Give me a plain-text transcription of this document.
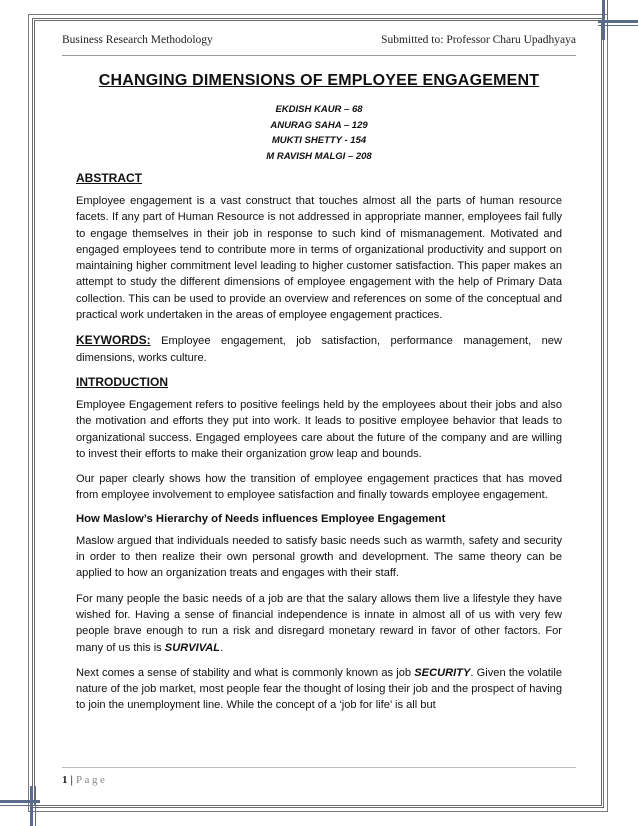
Business Research Methodology	Submitted to: Professor Charu Upadhyaya
CHANGING DIMENSIONS OF EMPLOYEE ENGAGEMENT
EKDISH KAUR – 68
ANURAG SAHA – 129
MUKTI SHETTY - 154
M RAVISH MALGI – 208
ABSTRACT

Employee engagement is a vast construct that touches almost all the parts of human resource facets. If any part of Human Resource is not addressed in appropriate manner, employees fail fully to engage themselves in their job in response to such kind of mismanagement. Motivated and engaged employees tend to contribute more in terms of organizational productivity and support on maintaining higher commitment level leading to higher customer satisfaction. This paper makes an attempt to study the different dimensions of employee engagement with the help of Primary Data collection. This can be used to provide an overview and references on some of the conceptual and practical work undertaken in the areas of employee engagement practices.

KEYWORDS: Employee engagement, job satisfaction, performance management, new dimensions, works culture.

INTRODUCTION

Employee Engagement refers to positive feelings held by the employees about their jobs and also the motivation and efforts they put into work. It leads to positive employee behavior that leads to organizational success. Engaged employees care about the future of the company and are willing to invest their efforts to make their organization grow leap and bounds.

Our paper clearly shows how the transition of employee engagement practices that has moved from employee involvement to employee satisfaction and finally towards employee engagement.

How Maslow’s Hierarchy of Needs influences Employee Engagement

Maslow argued that individuals needed to satisfy basic needs such as warmth, safety and security in order to then realize their own personal growth and development. The same theory can be applied to how an organization treats and engages with their staff.

For many people the basic needs of a job are that the salary allows them live a lifestyle they have wished for. Having a sense of financial independence is innate in almost all of us with very few people brave enough to run a risk and disregard monetary reward in favor of other factors. For many of us this is SURVIVAL.

Next comes a sense of stability and what is commonly known as job SECURITY. Given the volatile nature of the job market, most people fear the thought of losing their job and the prospect of having to join the unemployment line. While the concept of a ‘job for life’ is all but

1 | Page
